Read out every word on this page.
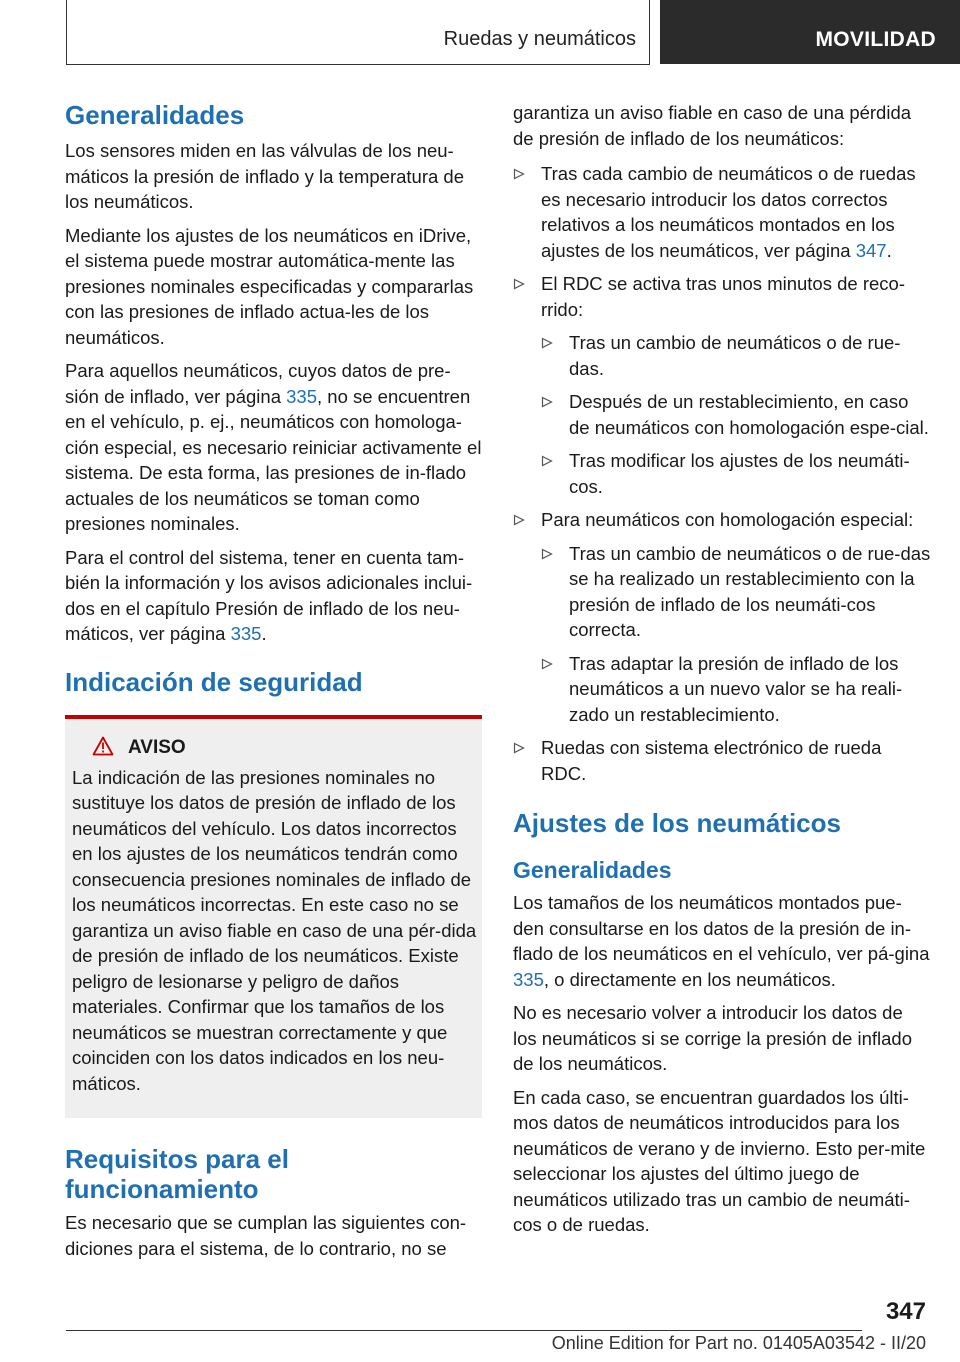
Ruedas y neumáticos	MOVILIDAD
Generalidades

Los sensores miden en las válvulas de los neu-máticos la presión de inflado y la temperatura de los neumáticos.

Mediante los ajustes de los neumáticos en iDrive, el sistema puede mostrar automática-mente las presiones nominales especificadas y compararlas con las presiones de inflado actua-les de los neumáticos.

Para aquellos neumáticos, cuyos datos de pre-sión de inflado, ver página 335, no se encuentren en el vehículo, p. ej., neumáticos con homologa-ción especial, es necesario reiniciar activamente el sistema. De esta forma, las presiones de in-flado actuales de los neumáticos se toman como presiones nominales.

Para el control del sistema, tener en cuenta tam-bién la información y los avisos adicionales inclui-dos en el capítulo Presión de inflado de los neu-máticos, ver página 335.

Indicación de seguridad
AVISO

La indicación de las presiones nominales no sustituye los datos de presión de inflado de los neumáticos del vehículo. Los datos incorrectos en los ajustes de los neumáticos tendrán como consecuencia presiones nominales de inflado de los neumáticos incorrectas. En este caso no se garantiza un aviso fiable en caso de una pér-dida de presión de inflado de los neumáticos. Existe peligro de lesionarse y peligro de daños materiales. Confirmar que los tamaños de los neumáticos se muestran correctamente y que coinciden con los datos indicados en los neu-máticos.

Requisitos para el funcionamiento

Es necesario que se cumplan las siguientes con-diciones para el sistema, de lo contrario, no se

garantiza un aviso fiable en caso de una pérdida de presión de inflado de los neumáticos:

Tras cada cambio de neumáticos o de ruedas es necesario introducir los datos correctos relativos a los neumáticos montados en los ajustes de los neumáticos, ver página 347.
El RDC se activa tras unos minutos de reco-rrido:
Tras un cambio de neumáticos o de rue-das.
Después de un restablecimiento, en caso de neumáticos con homologación espe-cial.
Tras modificar los ajustes de los neumáti-cos.
Para neumáticos con homologación especial:
Tras un cambio de neumáticos o de rue-das se ha realizado un restablecimiento con la presión de inflado de los neumáti-cos correcta.
Tras adaptar la presión de inflado de los neumáticos a un nuevo valor se ha reali-zado un restablecimiento.
Ruedas con sistema electrónico de rueda RDC.
Ajustes de los neumáticos
Generalidades

Los tamaños de los neumáticos montados pue-den consultarse en los datos de la presión de in-flado de los neumáticos en el vehículo, ver pá-gina 335, o directamente en los neumáticos.

No es necesario volver a introducir los datos de los neumáticos si se corrige la presión de inflado de los neumáticos.

En cada caso, se encuentran guardados los últi-mos datos de neumáticos introducidos para los neumáticos de verano y de invierno. Esto per-mite seleccionar los ajustes del último juego de neumáticos utilizado tras un cambio de neumáti-cos o de ruedas.

347
Online Edition for Part no. 01405A03542 - II/20
